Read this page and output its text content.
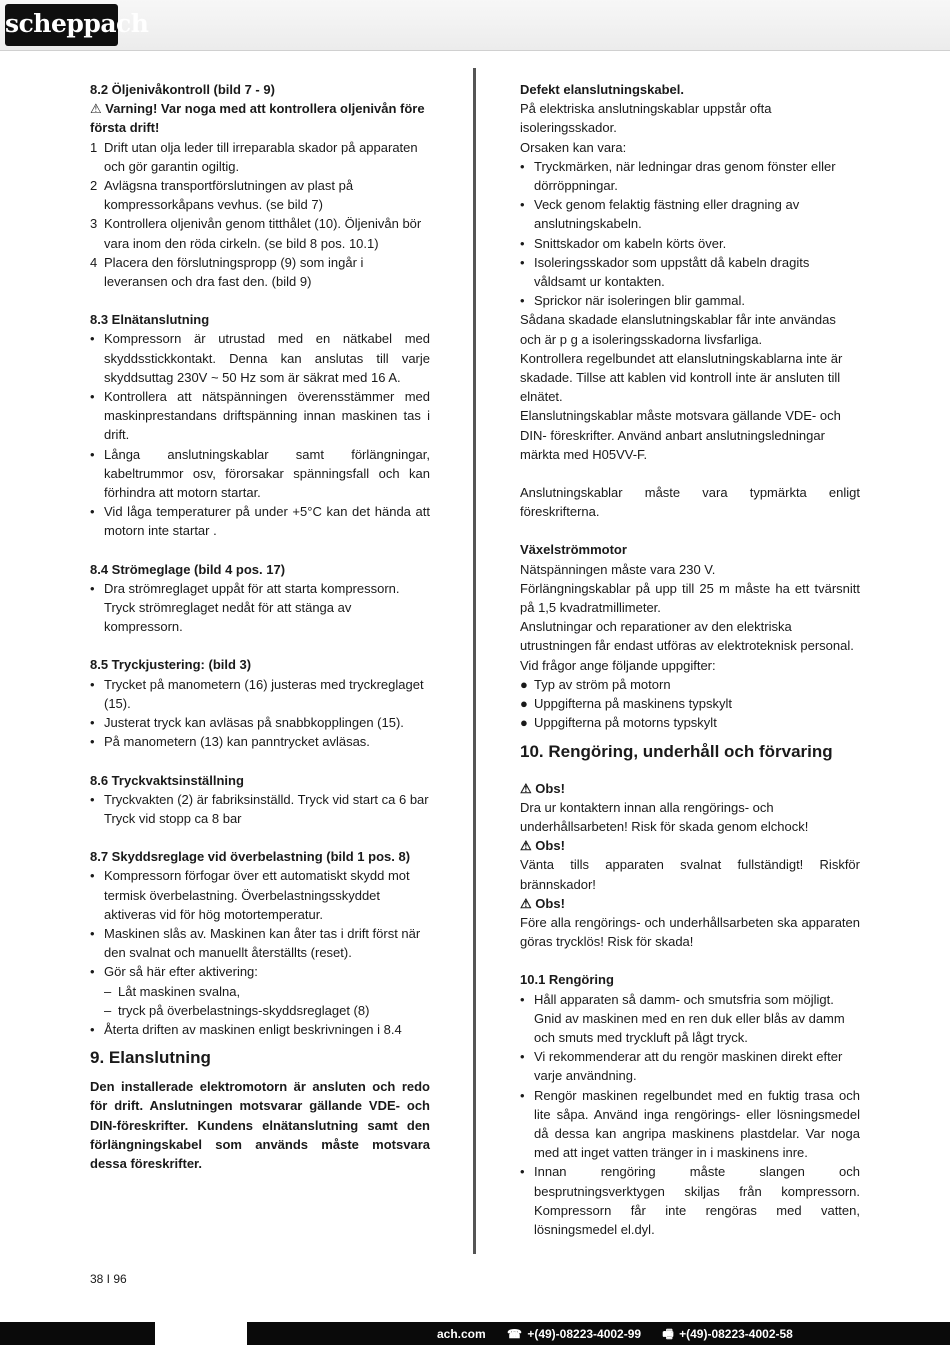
scheppach

8.2 Öljenivåkontroll (bild 7 - 9)

⚠ Varning! Var noga med att kontrollera oljenivån före första drift!

1 Drift utan olja leder till irreparabla skador på apparaten och gör garantin ogiltig.
2 Avlägsna transportförslutningen av plast på kompressorkåpans vevhus. (se bild 7)
3 Kontrollera oljenivån genom titthålet (10). Öljenivån bör vara inom den röda cirkeln. (se bild 8 pos. 10.1)
4 Placera den förslutningspropp (9) som ingår i leveransen och dra fast den. (bild 9)

8.3 Elnätanslutning

• Kompressorn är utrustad med en nätkabel med skyddsstickkontakt. Denna kan anslutas till varje skyddsuttag 230V ~ 50 Hz som är säkrat med 16 A.
• Kontrollera att nätspänningen överensstämmer med maskinprestandans driftspänning innan maskinen tas i drift.
• Långa anslutningskablar samt förlängningar, kabeltrummor osv, förorsakar spänningsfall och kan förhindra att motorn startar.
• Vid låga temperaturer på under +5°C kan det hända att motorn inte startar .

8.4 Strömeglage (bild 4 pos. 17)

• Dra strömreglaget uppåt för att starta kompressorn. Tryck strömreglaget nedåt för att stänga av kompressorn.

8.5 Tryckjustering: (bild 3)

• Trycket på manometern (16) justeras med tryckreglaget (15).
• Justerat tryck kan avläsas på snabbkopplingen (15).
• På manometern (13) kan panntrycket avläsas.

8.6 Tryckvaktsinställning

• Tryckvakten (2) är fabriksinställd. Tryck vid start ca 6 bar Tryck vid stopp ca 8 bar

8.7 Skyddsreglage vid överbelastning (bild 1 pos. 8)

• Kompressorn förfogar över ett automatiskt skydd mot termisk överbelastning. Överbelastningsskyddet aktiveras vid för hög motortemperatur.
• Maskinen slås av. Maskinen kan åter tas i drift först när den svalnat och manuellt återställts (reset).
• Gör så här efter aktivering:
– Låt maskinen svalna,
– tryck på överbelastnings-skyddsreglaget (8)
• Återta driften av maskinen enligt beskrivningen i 8.4

9. Elanslutning

Den installerade elektromotorn är ansluten och redo för drift. Anslutningen motsvarar gällande VDE- och DIN-föreskrifter. Kundens elnätanslutning samt den förlängningskabel som används måste motsvara dessa föreskrifter.

Defekt elanslutningskabel.

På elektriska anslutningskablar uppstår ofta isoleringsskador.

Orsaken kan vara:

• Tryckmärken, när ledningar dras genom fönster eller dörröppningar.
• Veck genom felaktig fästning eller dragning av anslutningskabeln.
• Snittskador om kabeln körts över.
• Isoleringsskador som uppstått då kabeln dragits våldsamt ur kontakten.
• Sprickor när isoleringen blir gammal.

Sådana skadade elanslutningskablar får inte användas och är p g a isoleringsskadorna livsfarliga.

Kontrollera regelbundet att elanslutningskablarna inte är skadade. Tillse att kablen vid kontroll inte är ansluten till elnätet.

Elanslutningskablar måste motsvara gällande VDE- och DIN- föreskrifter. Använd anbart anslutningsledningar märkta med H05VV-F.

Anslutningskablar måste vara typmärkta enligt föreskrifterna.

Växelströmmotor

Nätspänningen måste vara 230 V.

Förlängningskablar på upp till 25 m måste ha ett tvärsnitt på 1,5 kvadratmillimeter.

Anslutningar och reparationer av den elektriska utrustningen får endast utföras av elektroteknisk personal.

Vid frågor ange följande uppgifter:

● Typ av ström på motorn
● Uppgifterna på maskinens typskylt
● Uppgifterna på motorns typskylt

10. Rengöring, underhåll och förvaring

⚠ Obs!

Dra ur kontaktern innan alla rengörings- och underhållsarbeten! Risk för skada genom elchock!

⚠ Obs!

Vänta tills apparaten svalnat fullständigt! Riskför brännskador!

⚠ Obs!

Före alla rengörings- och underhållsarbeten ska apparaten göras trycklös! Risk för skada!

10.1 Rengöring

• Håll apparaten så damm- och smutsfria som möjligt. Gnid av maskinen med en ren duk eller blås av damm och smuts med tryckluft på lågt tryck.
• Vi rekommenderar att du rengör maskinen direkt efter varje användning.
• Rengör maskinen regelbundet med en fuktig trasa och lite såpa. Använd inga rengörings- eller lösningsmedel då dessa kan angripa maskinens plastdelar. Var noga med att inget vatten tränger in i maskinens inre.
• Innan rengöring måste slangen och besprutningsverktygen skiljas från kompressorn. Kompressorn får inte rengöras med vatten, lösningsmedel el.dyl.
38 I 96
ach.com ☎ +(49)-08223-4002-99 🖷 +(49)-08223-4002-58
